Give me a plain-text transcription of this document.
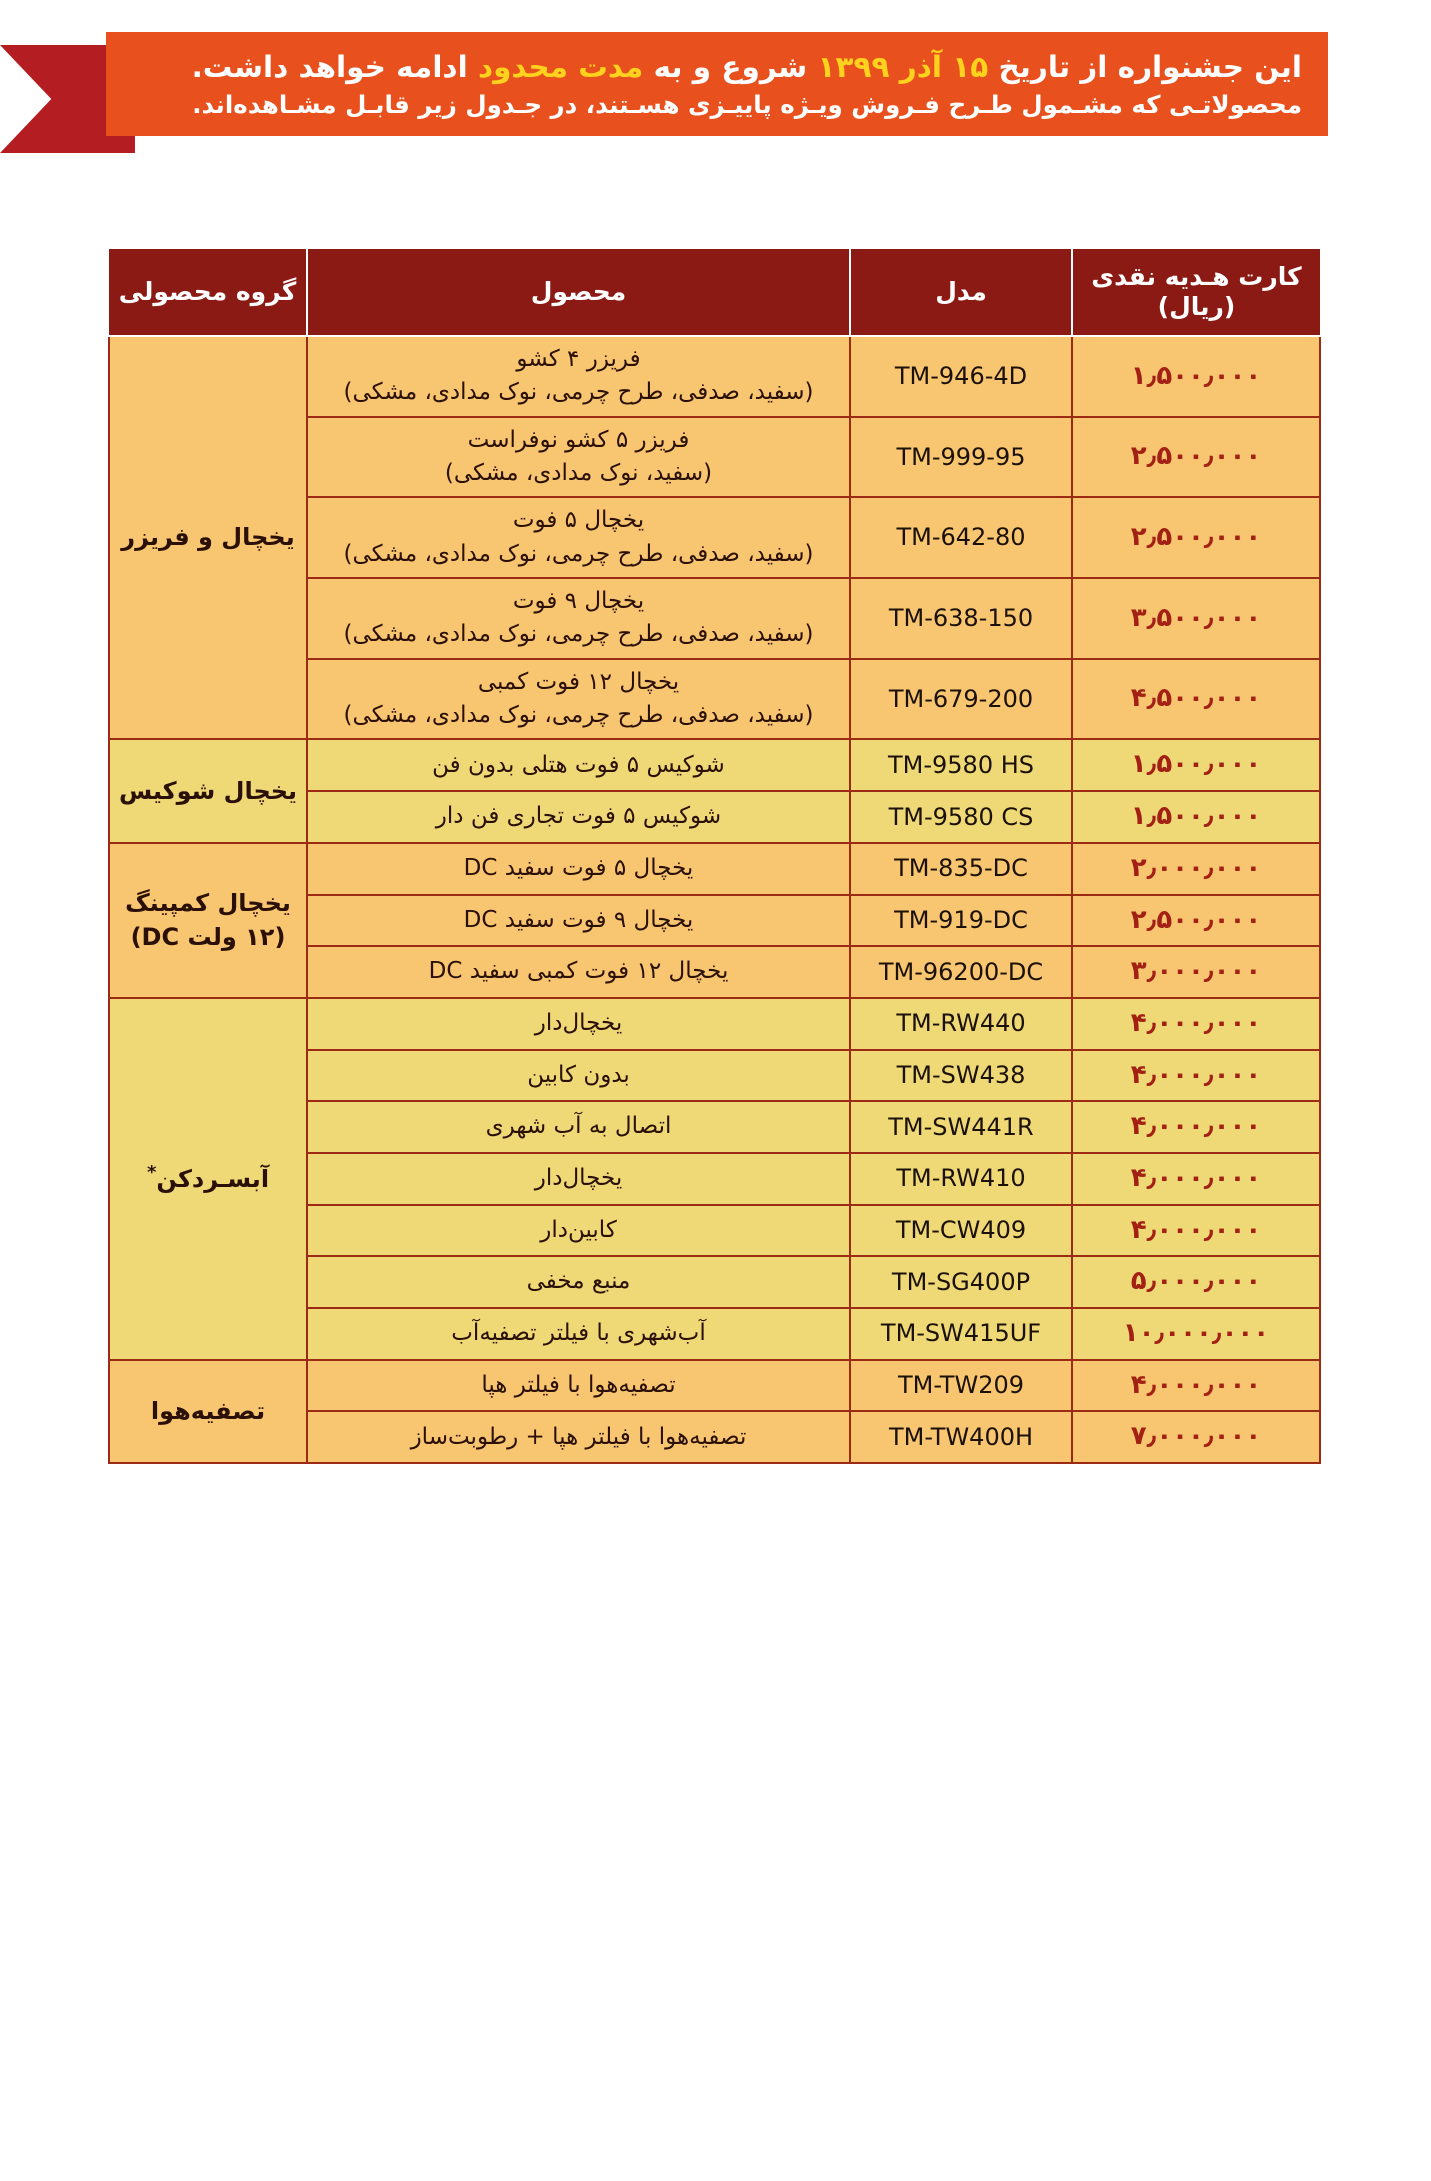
این جشنواره از تاریخ ۱۵ آذر ۱۳۹۹ شروع و به مدت محدود ادامه خواهد داشت.
محصولاتـی که مشـمول طـرح فـروش ویـژه پاییـزی هسـتند، در جـدول زیر قابـل مشـاهده‌اند.
کارت هـدیه نقدی
(ریال)	مدل	محصول	گروه محصولی
۱٫۵۰۰٫۰۰۰	TM-946-4D	فریزر ۴ کشو
(سفید، صدفی، طرح چرمی، نوک مدادی، مشکی)	یخچال و فریزر
۲٫۵۰۰٫۰۰۰	TM-999-95	فریزر ۵ کشو نوفراست
(سفید، نوک مدادی، مشکی)	

۲٫۵۰۰٫۰۰۰	TM-642-80	یخچال ۵ فوت
(سفید، صدفی، طرح چرمی، نوک مدادی، مشکی)	

۳٫۵۰۰٫۰۰۰	TM-638-150	یخچال ۹ فوت
(سفید، صدفی، طرح چرمی، نوک مدادی، مشکی)	

۴٫۵۰۰٫۰۰۰	TM-679-200	یخچال ۱۲ فوت کمبی
(سفید، صدفی، طرح چرمی، نوک مدادی، مشکی)	

۱٫۵۰۰٫۰۰۰	TM-9580 HS	شوکیس ۵ فوت هتلی بدون فن	یخچال شوکیس
۱٫۵۰۰٫۰۰۰	TM-9580 CS	شوکیس ۵ فوت تجاری فن دار	
۲٫۰۰۰٫۰۰۰	TM-835-DC	یخچال ۵ فوت سفید DC	یخچال کمپینگ
(۱۲ ولت DC)

۲٫۵۰۰٫۰۰۰	TM-919-DC	یخچال ۹ فوت سفید DC	
۳٫۰۰۰٫۰۰۰	TM-96200-DC	یخچال ۱۲ فوت کمبی سفید DC	
۴٫۰۰۰٫۰۰۰	TM-RW440	یخچال‌دار	آبسـردکن*
۴٫۰۰۰٫۰۰۰	TM-SW438	بدون کابین	
۴٫۰۰۰٫۰۰۰	TM-SW441R	اتصال به آب شهری	
۴٫۰۰۰٫۰۰۰	TM-RW410	یخچال‌دار	
۴٫۰۰۰٫۰۰۰	TM-CW409	کابین‌دار	
۵٫۰۰۰٫۰۰۰	TM-SG400P	منبع مخفی	
۱۰٫۰۰۰٫۰۰۰	TM-SW415UF	آب‌شهری با فیلتر تصفیه‌آب	
۴٫۰۰۰٫۰۰۰	TM-TW209	تصفیه‌هوا با فیلتر هپا	تصفیه‌هوا
۷٫۰۰۰٫۰۰۰	TM-TW400H	تصفیه‌هوا با فیلتر هپا + رطوبت‌ساز	
